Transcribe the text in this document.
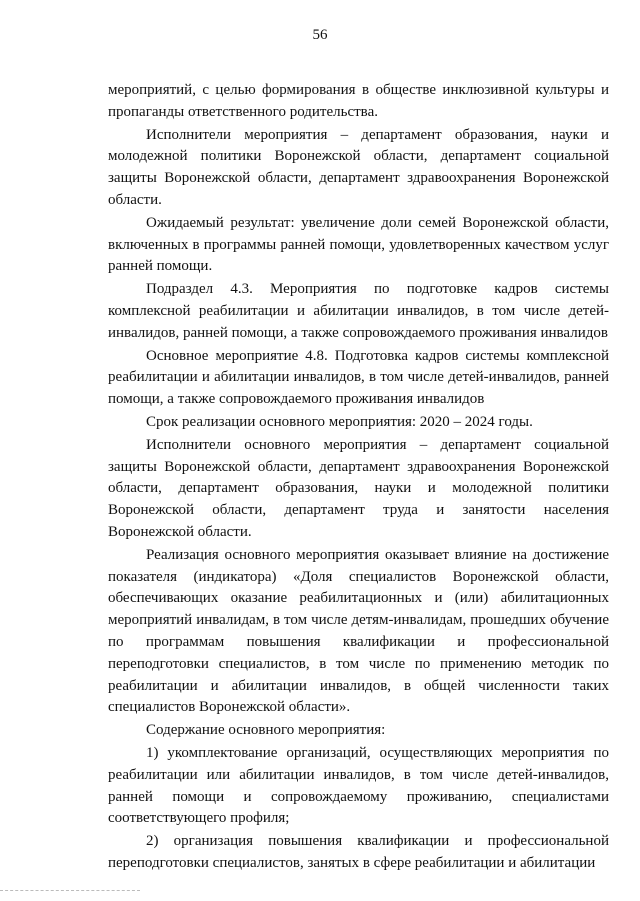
56

мероприятий, с целью формирования в обществе инклюзивной культуры и пропаганды ответственного родительства.

Исполнители мероприятия – департамент образования, науки и молодежной политики Воронежской области, департамент социальной защиты Воронежской области, департамент здравоохранения Воронежской области.

Ожидаемый результат: увеличение доли семей Воронежской области, включенных в программы ранней помощи, удовлетворенных качеством услуг ранней помощи.

Подраздел 4.3. Мероприятия по подготовке кадров системы комплексной реабилитации и абилитации инвалидов, в том числе детей-инвалидов, ранней помощи, а также сопровождаемого проживания инвалидов

Основное мероприятие 4.8. Подготовка кадров системы комплексной реабилитации и абилитации инвалидов, в том числе детей-инвалидов, ранней помощи, а также сопровождаемого проживания инвалидов

Срок реализации основного мероприятия: 2020 – 2024 годы.

Исполнители основного мероприятия – департамент социальной защиты Воронежской области, департамент здравоохранения Воронежской области, департамент образования, науки и молодежной политики Воронежской области, департамент труда и занятости населения Воронежской области.

Реализация основного мероприятия оказывает влияние на достижение показателя (индикатора) «Доля специалистов Воронежской области, обеспечивающих оказание реабилитационных и (или) абилитационных мероприятий инвалидам, в том числе детям-инвалидам, прошедших обучение по программам повышения квалификации и профессиональной переподготовки специалистов, в том числе по применению методик по реабилитации и абилитации инвалидов, в общей численности таких специалистов Воронежской области».

Содержание основного мероприятия:

1) укомплектование организаций, осуществляющих мероприятия по реабилитации или абилитации инвалидов, в том числе детей-инвалидов, ранней помощи и сопровождаемому проживанию, специалистами соответствующего профиля;

2) организация повышения квалификации и профессиональной переподготовки специалистов, занятых в сфере реабилитации и абилитации
